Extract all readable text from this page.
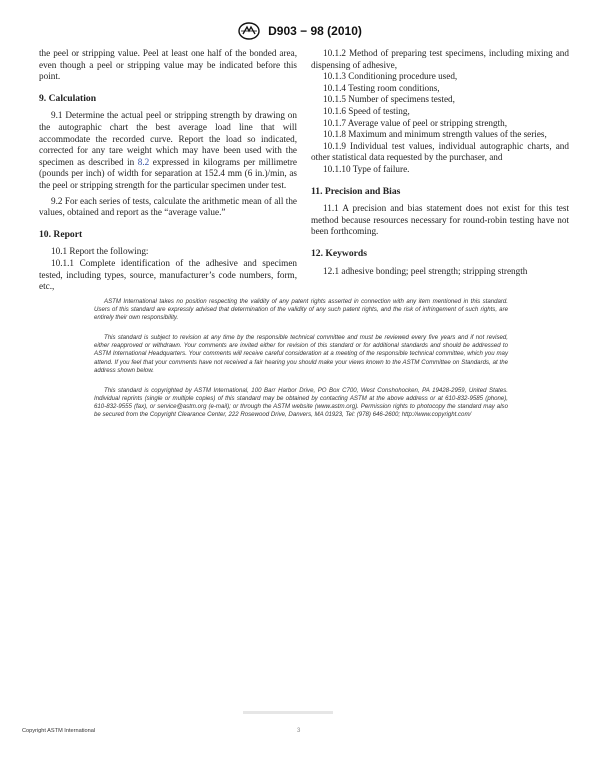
D903 − 98 (2010)

the peel or stripping value. Peel at least one half of the bonded area, even though a peel or stripping value may be indicated before this point.

9. Calculation

9.1 Determine the actual peel or stripping strength by drawing on the autographic chart the best average load line that will accommodate the recorded curve. Report the load so indicated, corrected for any tare weight which may have been used with the specimen as described in 8.2 expressed in kilograms per millimetre (pounds per inch) of width for separation at 152.4 mm (6 in.)/min, as the peel or stripping strength for the particular specimen under test.

9.2 For each series of tests, calculate the arithmetic mean of all the values, obtained and report as the “average value.”

10. Report

10.1 Report the following:

10.1.1 Complete identification of the adhesive and specimen tested, including types, source, manufacturer’s code numbers, form, etc.,

10.1.2 Method of preparing test specimens, including mixing and dispensing of adhesive,

10.1.3 Conditioning procedure used,

10.1.4 Testing room conditions,

10.1.5 Number of specimens tested,

10.1.6 Speed of testing,

10.1.7 Average value of peel or stripping strength,

10.1.8 Maximum and minimum strength values of the series,

10.1.9 Individual test values, individual autographic charts, and other statistical data requested by the purchaser, and

10.1.10 Type of failure.

11. Precision and Bias

11.1 A precision and bias statement does not exist for this test method because resources necessary for round-robin testing have not been forthcoming.

12. Keywords

12.1 adhesive bonding; peel strength; stripping strength

ASTM International takes no position respecting the validity of any patent rights asserted in connection with any item mentioned in this standard. Users of this standard are expressly advised that determination of the validity of any such patent rights, and the risk of infringement of such rights, are entirely their own responsibility.

This standard is subject to revision at any time by the responsible technical committee and must be reviewed every five years and if not revised, either reapproved or withdrawn. Your comments are invited either for revision of this standard or for additional standards and should be addressed to ASTM International Headquarters. Your comments will receive careful consideration at a meeting of the responsible technical committee, which you may attend. If you feel that your comments have not received a fair hearing you should make your views known to the ASTM Committee on Standards, at the address shown below.

This standard is copyrighted by ASTM International, 100 Barr Harbor Drive, PO Box C700, West Conshohocken, PA 19428-2959, United States. Individual reprints (single or multiple copies) of this standard may be obtained by contacting ASTM at the above address or at 610-832-9585 (phone), 610-832-9555 (fax), or service@astm.org (e-mail); or through the ASTM website (www.astm.org). Permission rights to photocopy the standard may also be secured from the Copyright Clearance Center, 222 Rosewood Drive, Danvers, MA 01923, Tel: (978) 646-2600; http://www.copyright.com/

Copyright ASTM International	3
